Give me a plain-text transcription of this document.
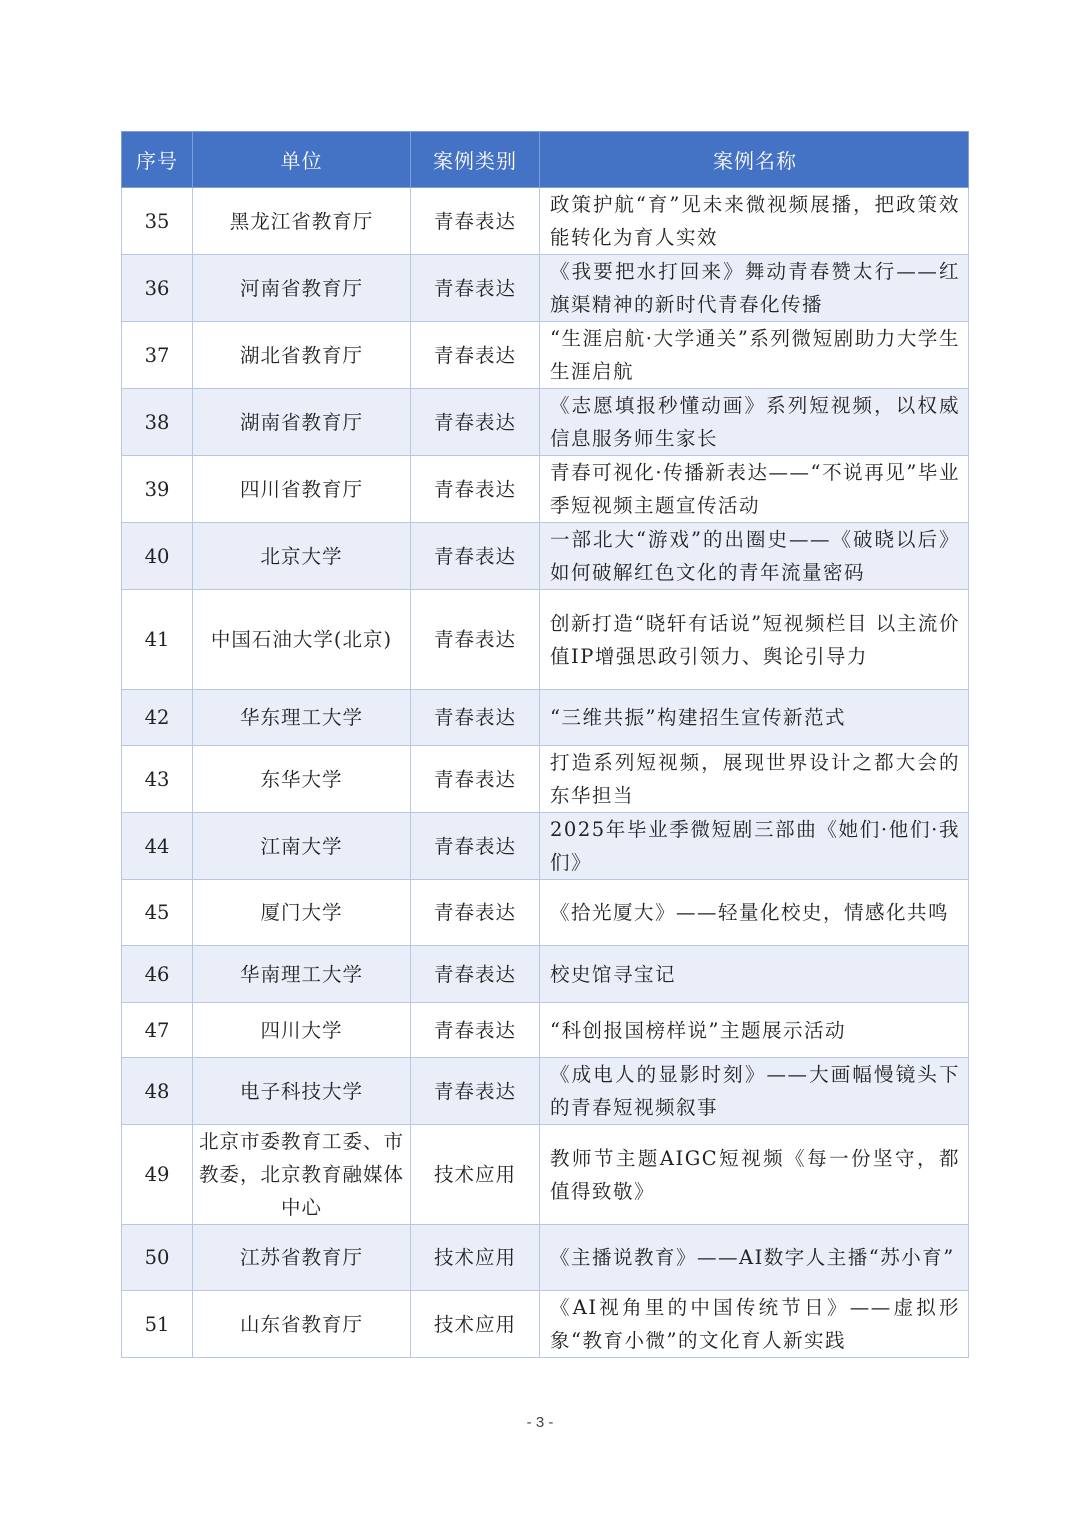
序号	单位	案例类别	案例名称
35	黑龙江省教育厅	青春表达	政策护航“育”见未来微视频展播，把政策效能转化为育人实效
36	河南省教育厅	青春表达	《我要把水打回来》舞动青春赞太行——红旗渠精神的新时代青春化传播
37	湖北省教育厅	青春表达	“生涯启航·大学通关”系列微短剧助力大学生生涯启航
38	湖南省教育厅	青春表达	《志愿填报秒懂动画》系列短视频，以权威信息服务师生家长
39	四川省教育厅	青春表达	青春可视化·传播新表达——“不说再见”毕业季短视频主题宣传活动
40	北京大学	青春表达	一部北大“游戏”的出圈史——《破晓以后》如何破解红色文化的青年流量密码
41	中国石油大学(北京)	青春表达	创新打造“晓轩有话说”短视频栏目 以主流价值IP增强思政引领力、舆论引导力
42	华东理工大学	青春表达	“三维共振”构建招生宣传新范式
43	东华大学	青春表达	打造系列短视频，展现世界设计之都大会的东华担当
44	江南大学	青春表达	2025年毕业季微短剧三部曲《她们·他们·我们》
45	厦门大学	青春表达	《拾光厦大》——轻量化校史，情感化共鸣
46	华南理工大学	青春表达	校史馆寻宝记
47	四川大学	青春表达	“科创报国榜样说”主题展示活动
48	电子科技大学	青春表达	《成电人的显影时刻》——大画幅慢镜头下的青春短视频叙事
49	北京市委教育工委、市教委，北京教育融媒体中心	技术应用	教师节主题AIGC短视频《每一份坚守，都值得致敬》
50	江苏省教育厅	技术应用	《主播说教育》——AI数字人主播“苏小育”
51	山东省教育厅	技术应用	《AI视角里的中国传统节日》——虚拟形象“教育小微”的文化育人新实践
- 3 -
